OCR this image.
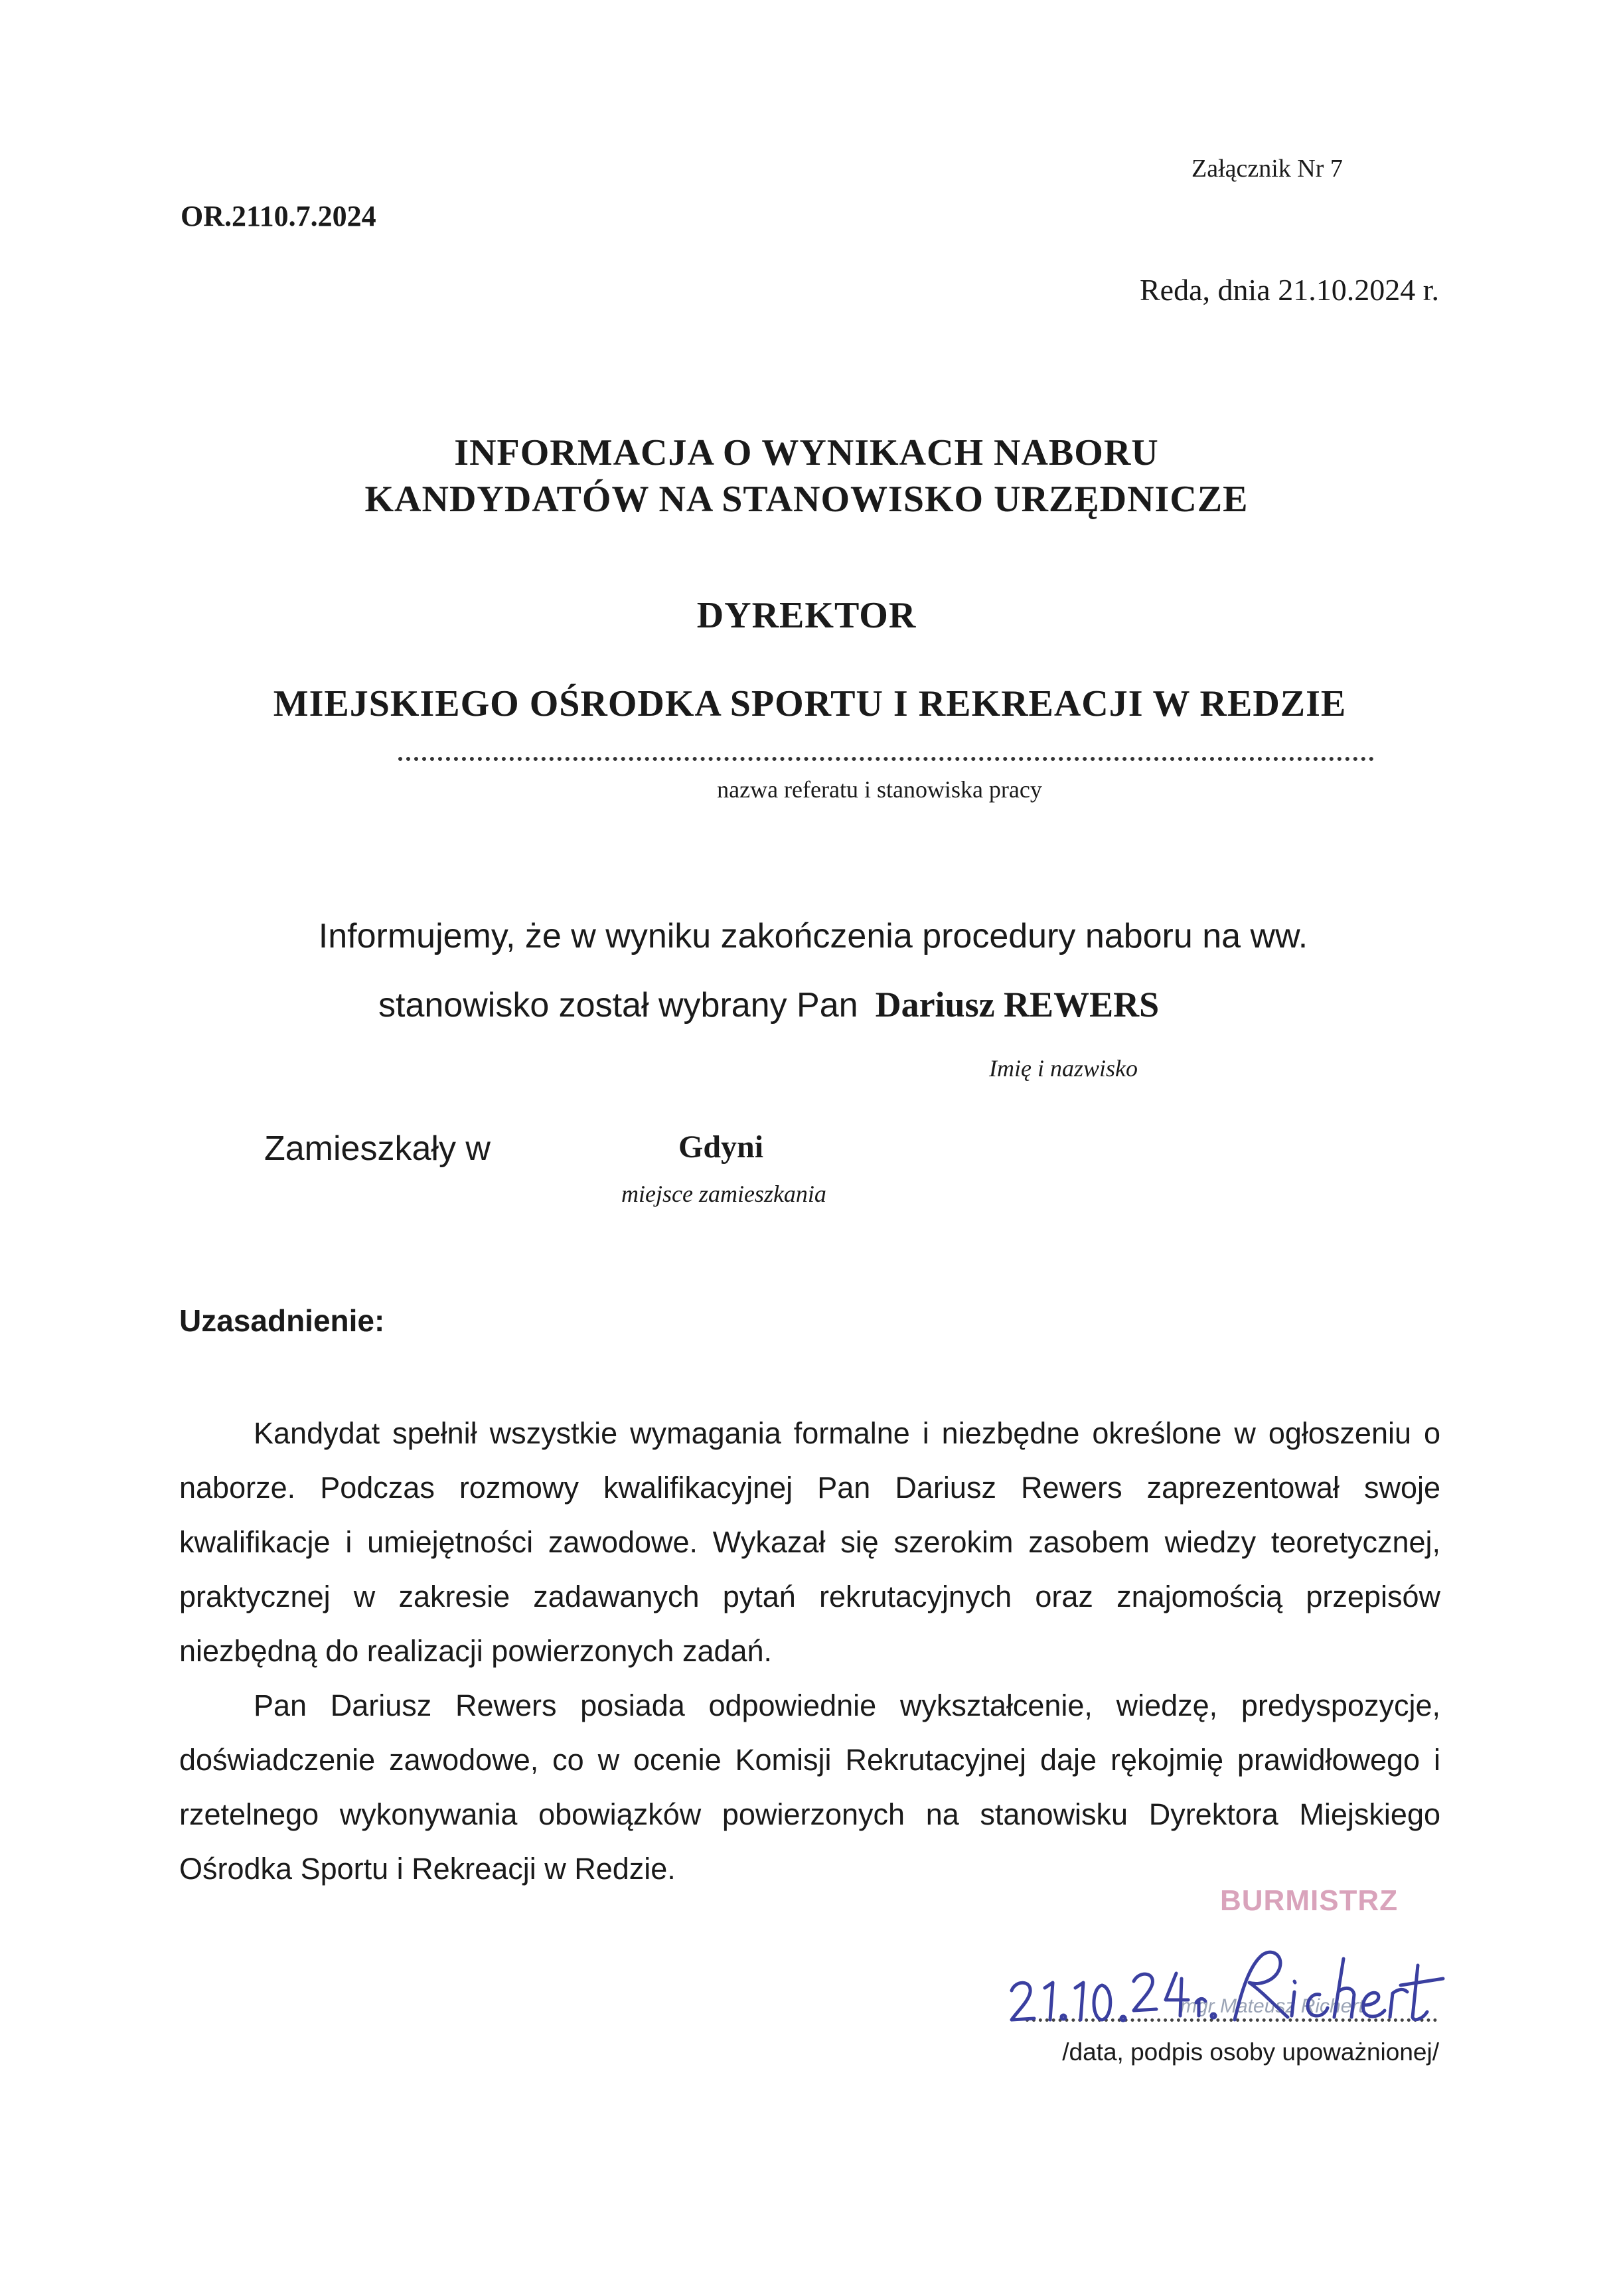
Załącznik Nr 7
OR.2110.7.2024
Reda, dnia 21.10.2024 r.
INFORMACJA O WYNIKACH NABORU
KANDYDATÓW NA STANOWISKO URZĘDNICZE
DYREKTOR
MIEJSKIEGO OŚRODKA SPORTU I REKREACJI W REDZIE
nazwa referatu i stanowiska pracy
Informujemy, że w wyniku zakończenia procedury naboru na ww.
stanowisko został wybrany Pan Dariusz REWERS
Imię i nazwisko
Zamieszkały w	Gdyni
miejsce zamieszkania
Uzasadnienie:
Kandydat spełnił wszystkie wymagania formalne i niezbędne określone w ogłoszeniu o naborze. Podczas rozmowy kwalifikacyjnej Pan Dariusz Rewers zaprezentował swoje kwalifikacje i umiejętności zawodowe. Wykazał się szerokim zasobem wiedzy teoretycznej, praktycznej w zakresie zadawanych pytań rekrutacyjnych oraz znajomością przepisów niezbędną do realizacji powierzonych zadań.
Pan Dariusz Rewers posiada odpowiednie wykształcenie, wiedzę, predyspozycje, doświadczenie zawodowe, co w ocenie Komisji Rekrutacyjnej daje rękojmię prawidłowego i rzetelnego wykonywania obowiązków powierzonych na stanowisku Dyrektora Miejskiego Ośrodka Sportu i Rekreacji w Redzie.
BURMISTRZ
mgr Mateusz Richert
/data, podpis osoby upoważnionej/
